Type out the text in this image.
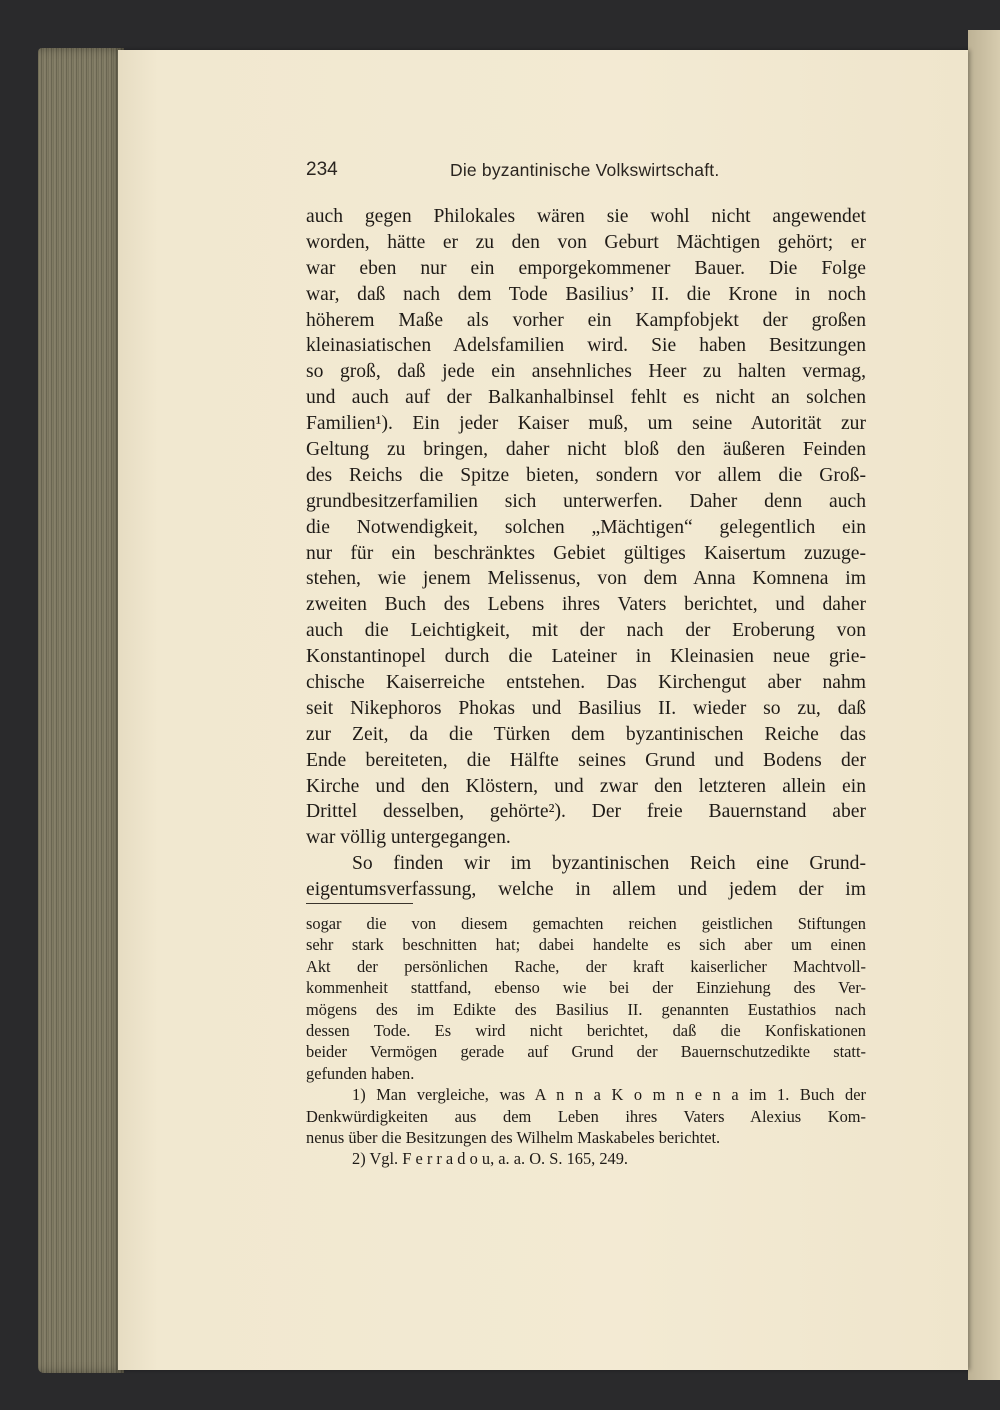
234	Die byzantinische Volkswirtschaft.
auch gegen Philokales wären sie wohl nicht angewendet
worden, hätte er zu den von Geburt Mächtigen gehört; er
war eben nur ein emporgekommener Bauer. Die Folge
war, daß nach dem Tode Basilius’ II. die Krone in noch
höherem Maße als vorher ein Kampfobjekt der großen
kleinasiatischen Adelsfamilien wird. Sie haben Besitzungen
so groß, daß jede ein ansehnliches Heer zu halten vermag,
und auch auf der Balkanhalbinsel fehlt es nicht an solchen
Familien¹). Ein jeder Kaiser muß, um seine Autorität zur
Geltung zu bringen, daher nicht bloß den äußeren Feinden
des Reichs die Spitze bieten, sondern vor allem die Groß-
grundbesitzerfamilien sich unterwerfen. Daher denn auch
die Notwendigkeit, solchen „Mächtigen“ gelegentlich ein
nur für ein beschränktes Gebiet gültiges Kaisertum zuzuge-
stehen, wie jenem Melissenus, von dem Anna Komnena im
zweiten Buch des Lebens ihres Vaters berichtet, und daher
auch die Leichtigkeit, mit der nach der Eroberung von
Konstantinopel durch die Lateiner in Kleinasien neue grie-
chische Kaiserreiche entstehen. Das Kirchengut aber nahm
seit Nikephoros Phokas und Basilius II. wieder so zu, daß
zur Zeit, da die Türken dem byzantinischen Reiche das
Ende bereiteten, die Hälfte seines Grund und Bodens der
Kirche und den Klöstern, und zwar den letzteren allein ein
Drittel desselben, gehörte²). Der freie Bauernstand aber
war völlig untergegangen.
So finden wir im byzantinischen Reich eine Grund-
eigentumsverfassung, welche in allem und jedem der im
sogar die von diesem gemachten reichen geistlichen Stiftungen
sehr stark beschnitten hat; dabei handelte es sich aber um einen
Akt der persönlichen Rache, der kraft kaiserlicher Machtvoll-
kommenheit stattfand, ebenso wie bei der Einziehung des Ver-
mögens des im Edikte des Basilius II. genannten Eustathios nach
dessen Tode. Es wird nicht berichtet, daß die Konfiskationen
beider Vermögen gerade auf Grund der Bauernschutzedikte statt-
gefunden haben.
1) Man vergleiche, was A n n a K o m n e n a im 1. Buch der
Denkwürdigkeiten aus dem Leben ihres Vaters Alexius Kom-
nenus über die Besitzungen des Wilhelm Maskabeles berichtet.
2) Vgl. F e r r a d o u, a. a. O. S. 165, 249.
